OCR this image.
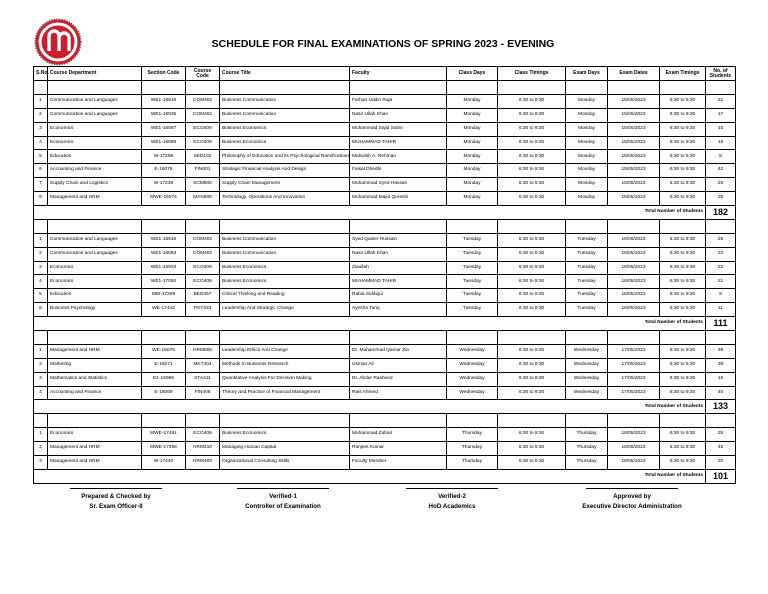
SCHEDULE FOR FINAL EXAMINATIONS OF SPRING 2023 - EVENING
S.No.	Course Department	Section Code	Course Code	Course Title	Faculty	Class Days	Class Timings	Exam Days	Exam Dates	Exam Timings	No. of Students

1	Communication and Languages	WE1-16915	COM402	Business Communication	Farhan Uddin Raja	Monday	6:30 to 9:30	Monday	15/05/2023	6:30 to 9:30	21
2	Communication and Languages	WE1-16935	COM402	Business Communication	Nasir Ullah Khan	Monday	6:30 to 9:30	Monday	15/05/2023	6:30 to 9:30	17
3	Economics	WE1-16087	ECO409	Business Economics	Muhammad Sajid Salim	Monday	6:30 to 9:30	Monday	15/05/2023	6:30 to 9:30	15
4	Economics	WE1-16088	ECO409	Business Economics	MUHAMMAD TAHIR	Monday	6:30 to 9:30	Monday	15/05/2023	6:30 to 9:30	16
5	Education	W-17298	SED102	Philosophy of Education and its Psychological Ramifications	Mahwish A. Rehman	Monday	6:30 to 9:30	Monday	15/05/2023	6:30 to 9:30	8
6	Accounting and Finance	E-16076	FIN601	Strategic Financial Analysis And Design	Faisal Dhedhi	Monday	6:30 to 9:30	Monday	15/05/2023	6:30 to 9:30	42
7	Supply Chain and Logistics	W-17239	SCM605	Supply Chain Management	Muhammad Syed Hassan	Monday	6:30 to 9:30	Monday	15/05/2023	6:30 to 9:30	28
8	Management and HRM	MWE-16074	MAN608	Technology, Operations And Innovation	Muhammad Majid Qureshi	Monday	6:30 to 9:30	Monday	15/05/2023	6:30 to 9:30	35
									Total Number of Students		182

1	Communication and Languages	WE1-16916	COM402	Business Communication	Syed Qaiser Hussain	Tuesday	6:30 to 9:30	Tuesday	16/05/2023	6:30 to 9:30	25
2	Communication and Languages	WE1-16063	COM402	Business Communication	Nasir Ullah Khan	Tuesday	6:30 to 9:30	Tuesday	16/05/2023	6:30 to 9:30	23
3	Economics	WE1-16933	ECO409	Business Economics	Ziaullah	Tuesday	6:30 to 9:30	Tuesday	16/05/2023	6:30 to 9:30	22
4	Economics	WE1-17050	ECO409	Business Economics	MUHAMMAD TAHIR	Tuesday	6:30 to 9:30	Tuesday	16/05/2023	6:30 to 9:30	21
5	Education	MW-17289	BED357	Critical Thinking and Reading	Rabia Siddiqui	Tuesday	6:30 to 9:30	Tuesday	16/05/2023	6:30 to 9:30	9
6	Business Psychology	WE-17442	PSY433	Leadership And Strategic Change	Ayesha Tariq	Tuesday	6:30 to 9:30	Tuesday	16/05/2023	6:30 to 9:30	11
									Total Number of Students		111

1	Management and HRM	WE-16075	HRM606	Leadership Ethics And Change	Dr. Muhammad Qamar Zia	Wednesday	6:30 to 9:30	Wednesday	17/05/2023	6:30 to 9:30	39
2	Marketing	E-16071	MKT404	Methods In Business Research	Usman Ali	Wednesday	6:30 to 9:30	Wednesday	17/05/2023	6:30 to 9:30	38
3	Mathematics and Statistics	E1-16066	STA411	Quantitative Analysis For Decision Making	Dr. Abdur Rasheed	Wednesday	6:30 to 9:30	Wednesday	17/05/2023	6:30 to 9:30	16
4	Accounting and Finance	E-16069	FIN408	Theory and Practice of Financial Management	Rais Ahmed	Wednesday	6:30 to 9:30	Wednesday	17/05/2023	6:30 to 9:30	40
									Total Number of Students		133

1	Economics	MWE-17491	ECO409	Business Economics	Muhammad Zubair	Thursday	6:30 to 9:30	Thursday	18/05/2023	6:30 to 9:30	35
2	Management and HRM	MWE-17398	HRM410	Managing Human Capital	Ranjeet Kumar	Thursday	6:30 to 9:30	Thursday	18/05/2023	6:30 to 9:30	46
3	Management and HRM	W-17440	HRM409	Organizational Consulting Skills	Faculty Member	Thursday	6:30 to 9:30	Thursday	18/05/2023	6:30 to 9:30	20
									Total Number of Students		101
Prepared & Checked by
Sr. Exam Officer-II
Verified-1
Controller of Examination
Verified-2
HoD Academics
Approved by
Executive Director Administration
